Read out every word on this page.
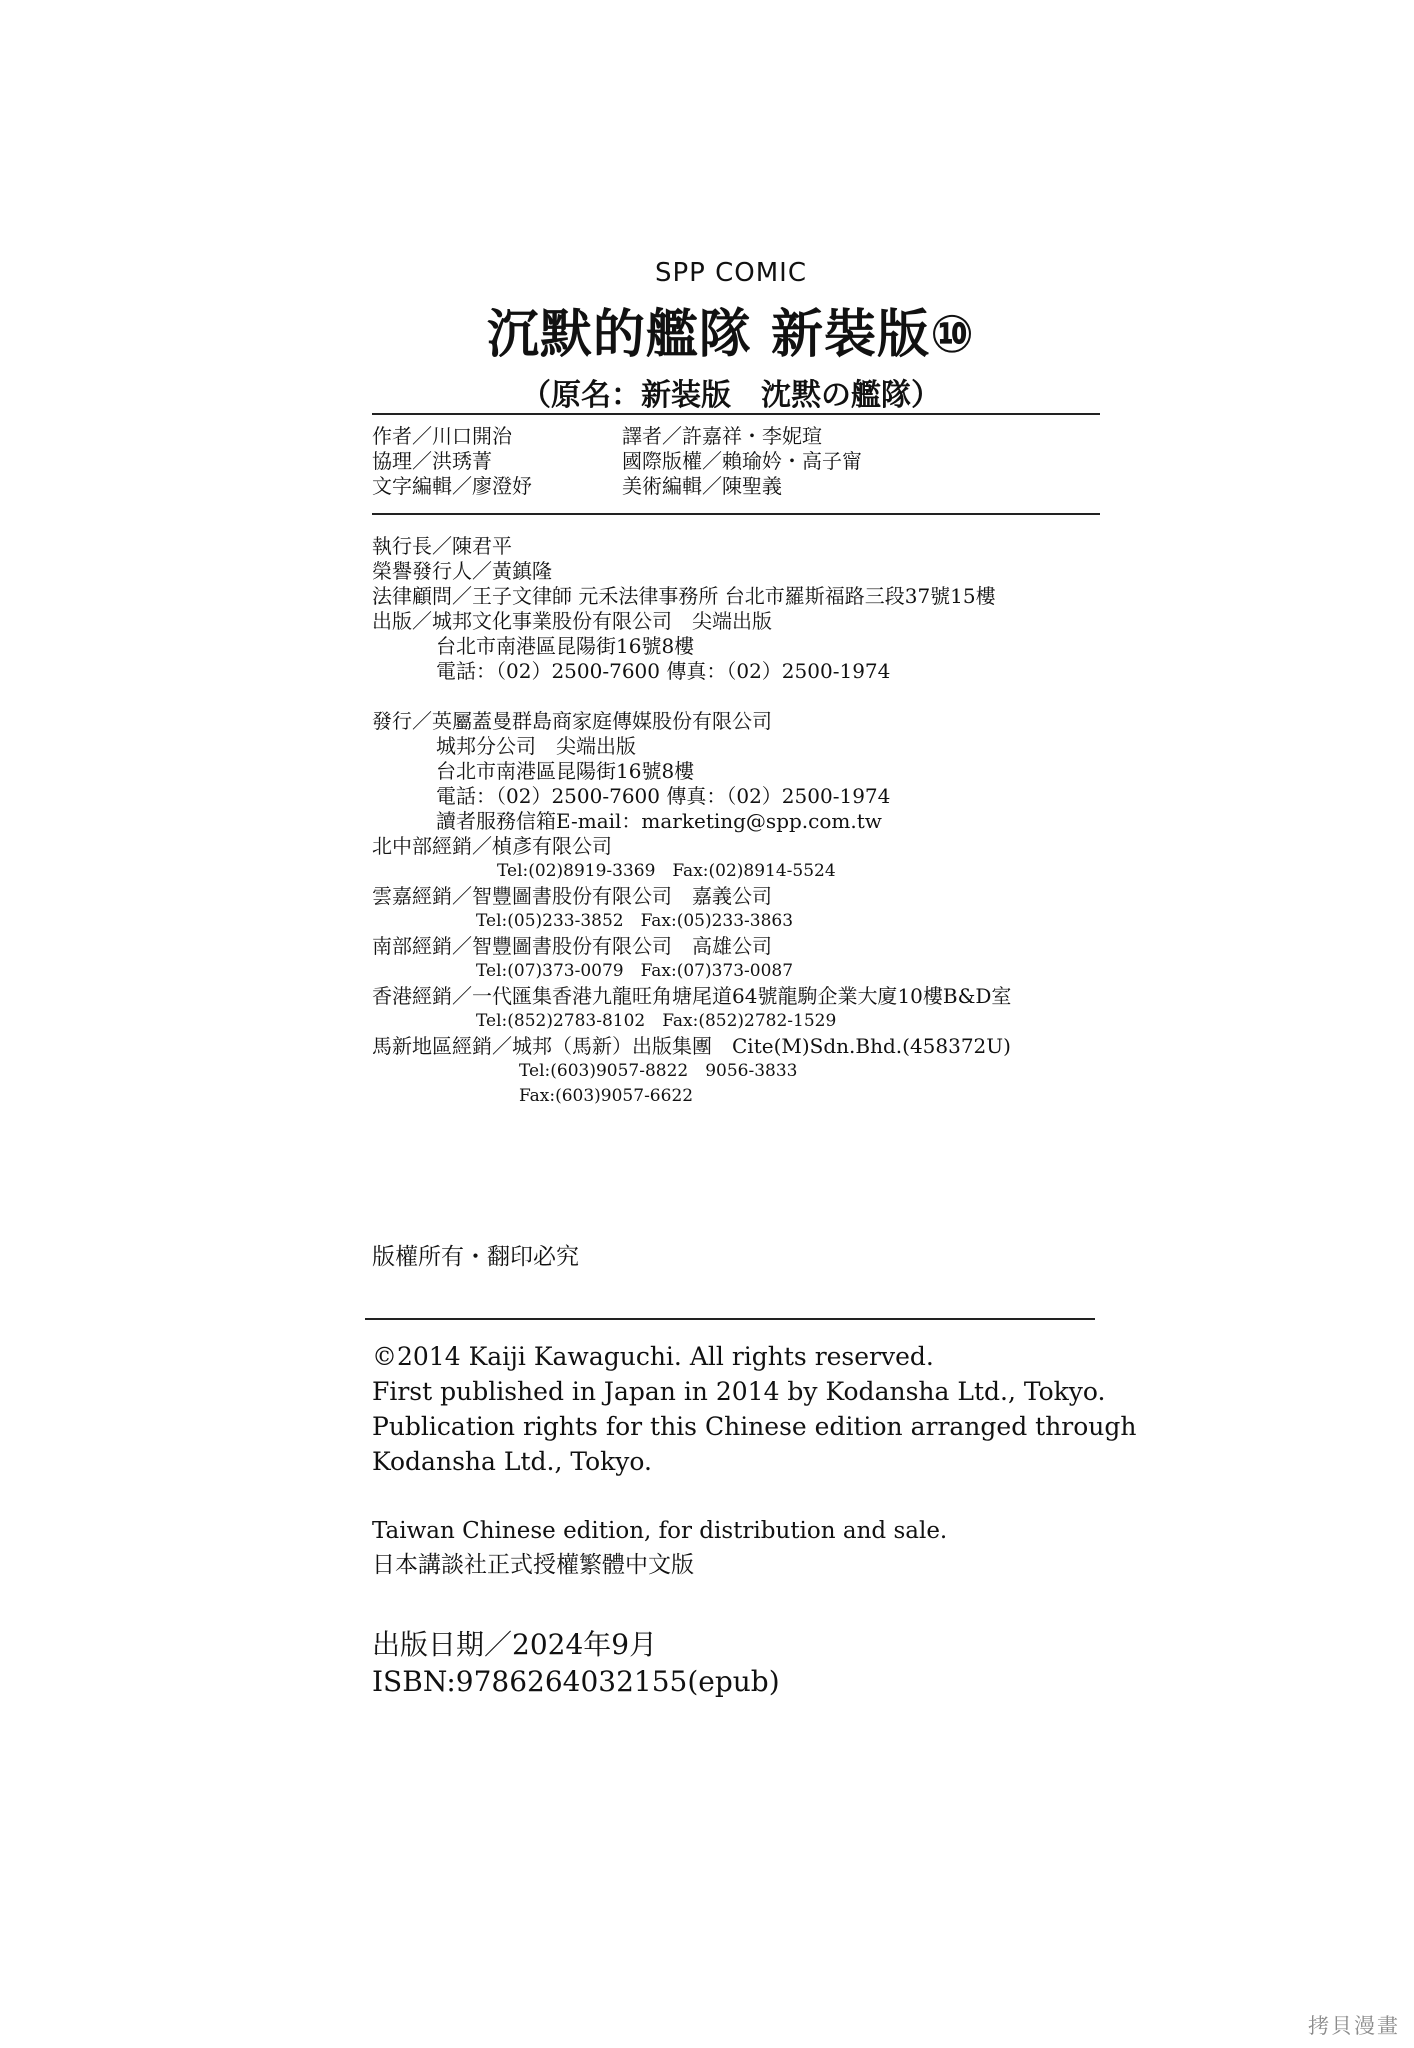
SPP COMIC
沉默的艦隊 新裝版⑩
（原名：新装版　沈黙の艦隊）
作者／川口開治	譯者／許嘉祥・李妮瑄
協理／洪琇菁	國際版權／賴瑜妗・高子甯
文字編輯／廖澄妤	美術編輯／陳聖義
執行長／陳君平
榮譽發行人／黃鎮隆
法律顧問／王子文律師 元禾法律事務所 台北市羅斯福路三段37號15樓
出版／城邦文化事業股份有限公司　尖端出版
台北市南港區昆陽街16號8樓
電話：（02）2500-7600 傳真：（02）2500-1974
發行／英屬蓋曼群島商家庭傳媒股份有限公司
城邦分公司　尖端出版
台北市南港區昆陽街16號8樓
電話：（02）2500-7600 傳真：（02）2500-1974
讀者服務信箱E-mail：marketing@spp.com.tw
北中部經銷／楨彥有限公司
Tel:(02)8919-3369　Fax:(02)8914-5524
雲嘉經銷／智豐圖書股份有限公司　嘉義公司
Tel:(05)233-3852　Fax:(05)233-3863
南部經銷／智豐圖書股份有限公司　高雄公司
Tel:(07)373-0079　Fax:(07)373-0087
香港經銷／一代匯集香港九龍旺角塘尾道64號龍駒企業大廈10樓B&D室
Tel:(852)2783-8102　Fax:(852)2782-1529
馬新地區經銷／城邦（馬新）出版集團　Cite(M)Sdn.Bhd.(458372U)
Tel:(603)9057-8822　9056-3833
Fax:(603)9057-6622
版權所有・翻印必究
©2014 Kaiji Kawaguchi. All rights reserved.
First published in Japan in 2014 by Kodansha Ltd., Tokyo.
Publication rights for this Chinese edition arranged through
Kodansha Ltd., Tokyo.
Taiwan Chinese edition, for distribution and sale.
日本講談社正式授權繁體中文版
出版日期／2024年9月
ISBN:9786264032155(epub)
拷貝漫畫
